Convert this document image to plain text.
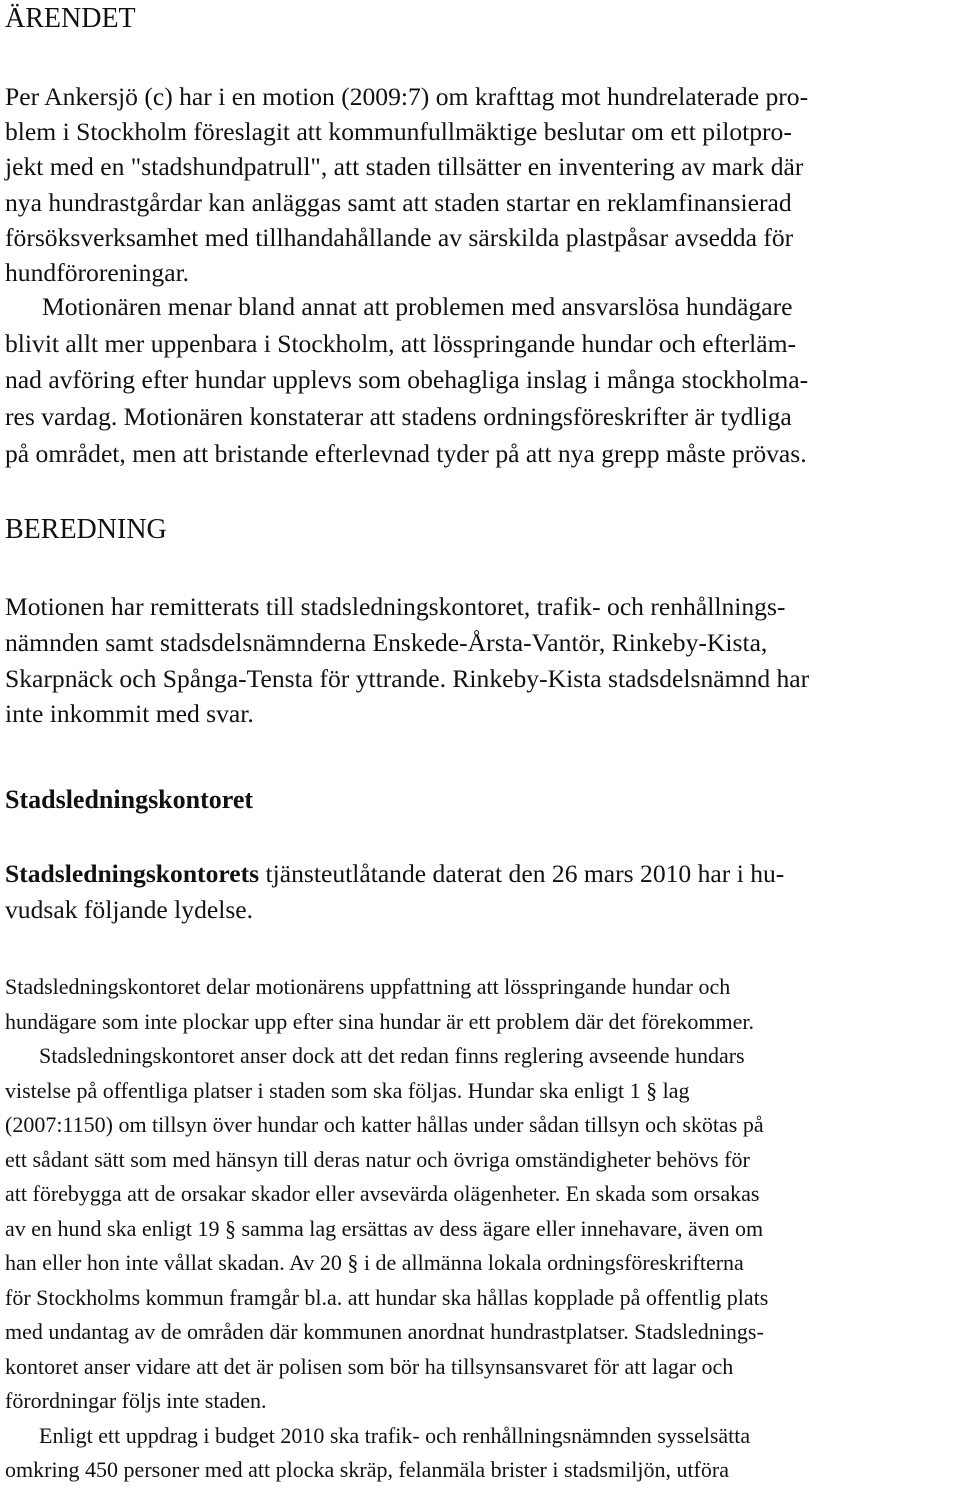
ÄRENDET
Per Ankersjö (c) har i en motion (2009:7) om krafttag mot hundrelaterade pro-
blem i Stockholm föreslagit att kommunfullmäktige beslutar om ett pilotpro-
jekt med en "stadshundpatrull", att staden tillsätter en inventering av mark där
nya hundrastgårdar kan anläggas samt att staden startar en reklamfinansierad
försöksverksamhet med tillhandahållande av särskilda plastpåsar avsedda för
hundföroreningar.
Motionären menar bland annat att problemen med ansvarslösa hundägare
blivit allt mer uppenbara i Stockholm, att lösspringande hundar och efterläm-
nad avföring efter hundar upplevs som obehagliga inslag i många stockholma-
res vardag. Motionären konstaterar att stadens ordningsföreskrifter är tydliga
på området, men att bristande efterlevnad tyder på att nya grepp måste prövas.
BEREDNING
Motionen har remitterats till stadsledningskontoret, trafik- och renhållnings-
nämnden samt stadsdelsnämnderna Enskede-Årsta-Vantör, Rinkeby-Kista,
Skarpnäck och Spånga-Tensta för yttrande. Rinkeby-Kista stadsdelsnämnd har
inte inkommit med svar.
Stadsledningskontoret
Stadsledningskontorets tjänsteutlåtande daterat den 26 mars 2010 har i hu-
vudsak följande lydelse.
Stadsledningskontoret delar motionärens uppfattning att lösspringande hundar och
hundägare som inte plockar upp efter sina hundar är ett problem där det förekommer.
Stadsledningskontoret anser dock att det redan finns reglering avseende hundars
vistelse på offentliga platser i staden som ska följas. Hundar ska enligt 1 § lag
(2007:1150) om tillsyn över hundar och katter hållas under sådan tillsyn och skötas på
ett sådant sätt som med hänsyn till deras natur och övriga omständigheter behövs för
att förebygga att de orsakar skador eller avsevärda olägenheter. En skada som orsakas
av en hund ska enligt 19 § samma lag ersättas av dess ägare eller innehavare, även om
han eller hon inte vållat skadan. Av 20 § i de allmänna lokala ordningsföreskrifterna
för Stockholms kommun framgår bl.a. att hundar ska hållas kopplade på offentlig plats
med undantag av de områden där kommunen anordnat hundrastplatser. Stadslednings-
kontoret anser vidare att det är polisen som bör ha tillsynsansvaret för att lagar och
förordningar följs inte staden.
Enligt ett uppdrag i budget 2010 ska trafik- och renhållningsnämnden sysselsätta
omkring 450 personer med att plocka skräp, felanmäla brister i stadsmiljön, utföra
